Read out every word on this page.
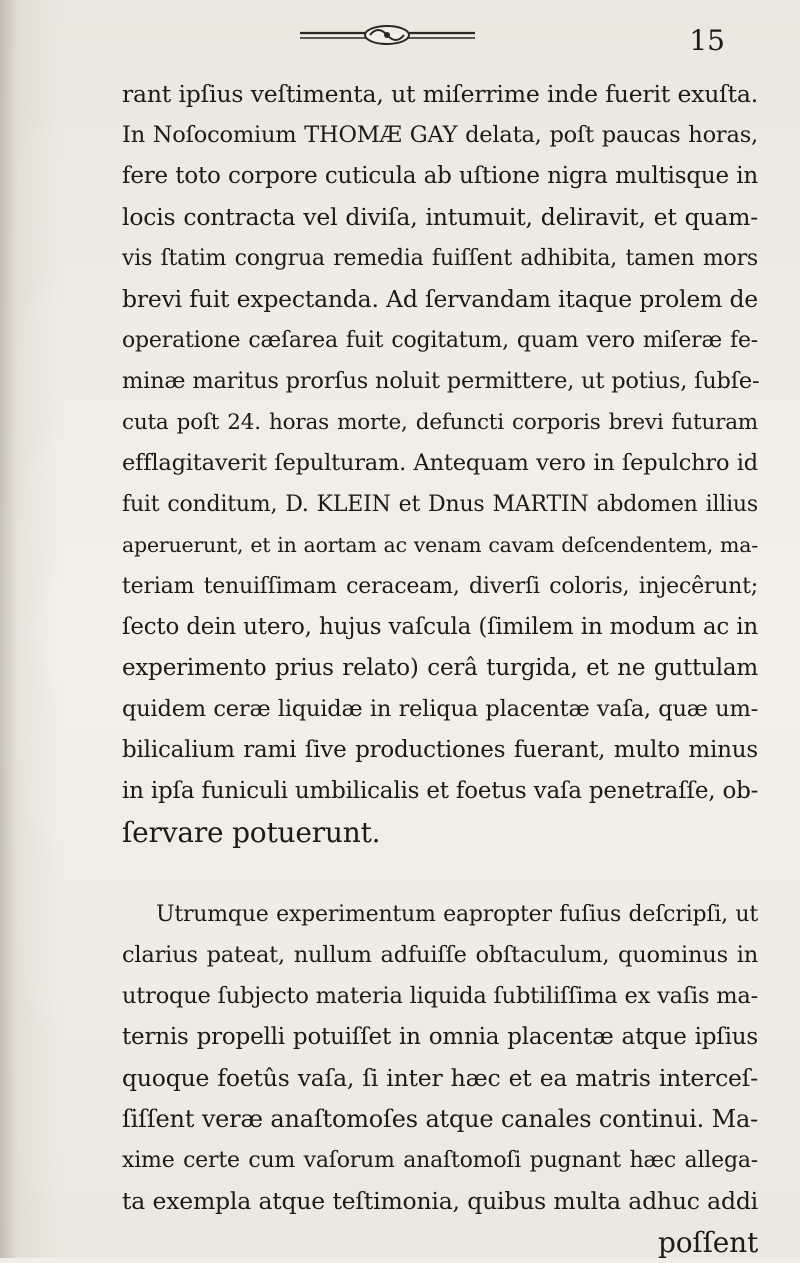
15
rant ipſius veſtimenta, ut miſerrime inde fuerit exuſta.
In Noſocomium THOMÆ GAY delata, poſt paucas horas,
fere toto corpore cuticula ab uſtione nigra multisque in
locis contracta vel diviſa, intumuit, deliravit, et quam-
vis ſtatim congrua remedia fuiſſent adhibita, tamen mors
brevi fuit expectanda. Ad ſervandam itaque prolem de
operatione cæſarea fuit cogitatum, quam vero miſeræ fe-
minæ maritus prorſus noluit permittere, ut potius, ſubſe-
cuta poſt 24. horas morte, defuncti corporis brevi futuram
efflagitaverit ſepulturam. Antequam vero in ſepulchro id
fuit conditum, D. KLEIN et Dnus MARTIN abdomen illius
aperuerunt, et in aortam ac venam cavam deſcendentem, ma-
teriam tenuiſſimam ceraceam, diverſi coloris, injecêrunt;
ſecto dein utero, hujus vaſcula (ſimilem in modum ac in
experimento prius relato) cerâ turgida, et ne guttulam
quidem ceræ liquidæ in reliqua placentæ vaſa, quæ um-
bilicalium rami ſive productiones fuerant, multo minus
in ipſa funiculi umbilicalis et foetus vaſa penetraſſe, ob-
ſervare potuerunt.
Utrumque experimentum eapropter fuſius deſcripſi, ut
clarius pateat, nullum adfuiſſe obſtaculum, quominus in
utroque ſubjecto materia liquida ſubtiliſſima ex vaſis ma-
ternis propelli potuiſſet in omnia placentæ atque ipſius
quoque foetûs vaſa, ſi inter hæc et ea matris interceſ-
ſiſſent veræ anaſtomoſes atque canales continui. Ma-
xime certe cum vaſorum anaſtomoſi pugnant hæc allega-
ta exempla atque teſtimonia, quibus multa adhuc addi
poſſent
